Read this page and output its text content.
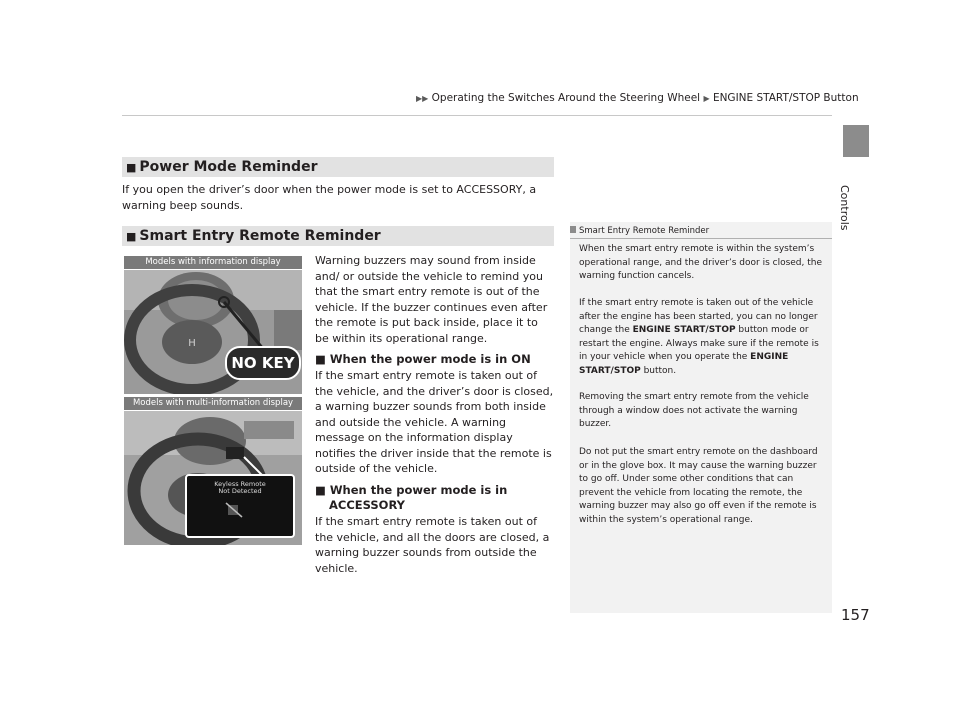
▶▶ Operating the Switches Around the Steering Wheel ▶ ENGINE START/STOP Button
Controls
■ Power Mode Reminder
If you open the driver’s door when the power mode is set to ACCESSORY, a warning beep sounds.
■ Smart Entry Remote Reminder
Warning buzzers may sound from inside and/ or outside the vehicle to remind you that the smart entry remote is out of the vehicle. If the buzzer continues even after the remote is put back inside, place it to be within its operational range.
■ When the power mode is in ON
If the smart entry remote is taken out of the vehicle, and the driver’s door is closed, a warning buzzer sounds from both inside and outside the vehicle. A warning message on the information display notifies the driver inside that the remote is outside of the vehicle.
■ When the power mode is in
ACCESSORY
If the smart entry remote is taken out of the vehicle, and all the doors are closed, a warning buzzer sounds from outside the vehicle.
Models with information display
H
NO KEY
Models with multi-information display
Keyless Remote
Not Detected
Smart Entry Remote Reminder
When the smart entry remote is within the system’s operational range, and the driver’s door is closed, the warning function cancels.
If the smart entry remote is taken out of the vehicle after the engine has been started, you can no longer change the ENGINE START/STOP button mode or restart the engine. Always make sure if the remote is in your vehicle when you operate the ENGINE START/STOP button.
Removing the smart entry remote from the vehicle through a window does not activate the warning buzzer.
Do not put the smart entry remote on the dashboard or in the glove box. It may cause the warning buzzer to go off. Under some other conditions that can prevent the vehicle from locating the remote, the warning buzzer may also go off even if the remote is within the system’s operational range.
157
